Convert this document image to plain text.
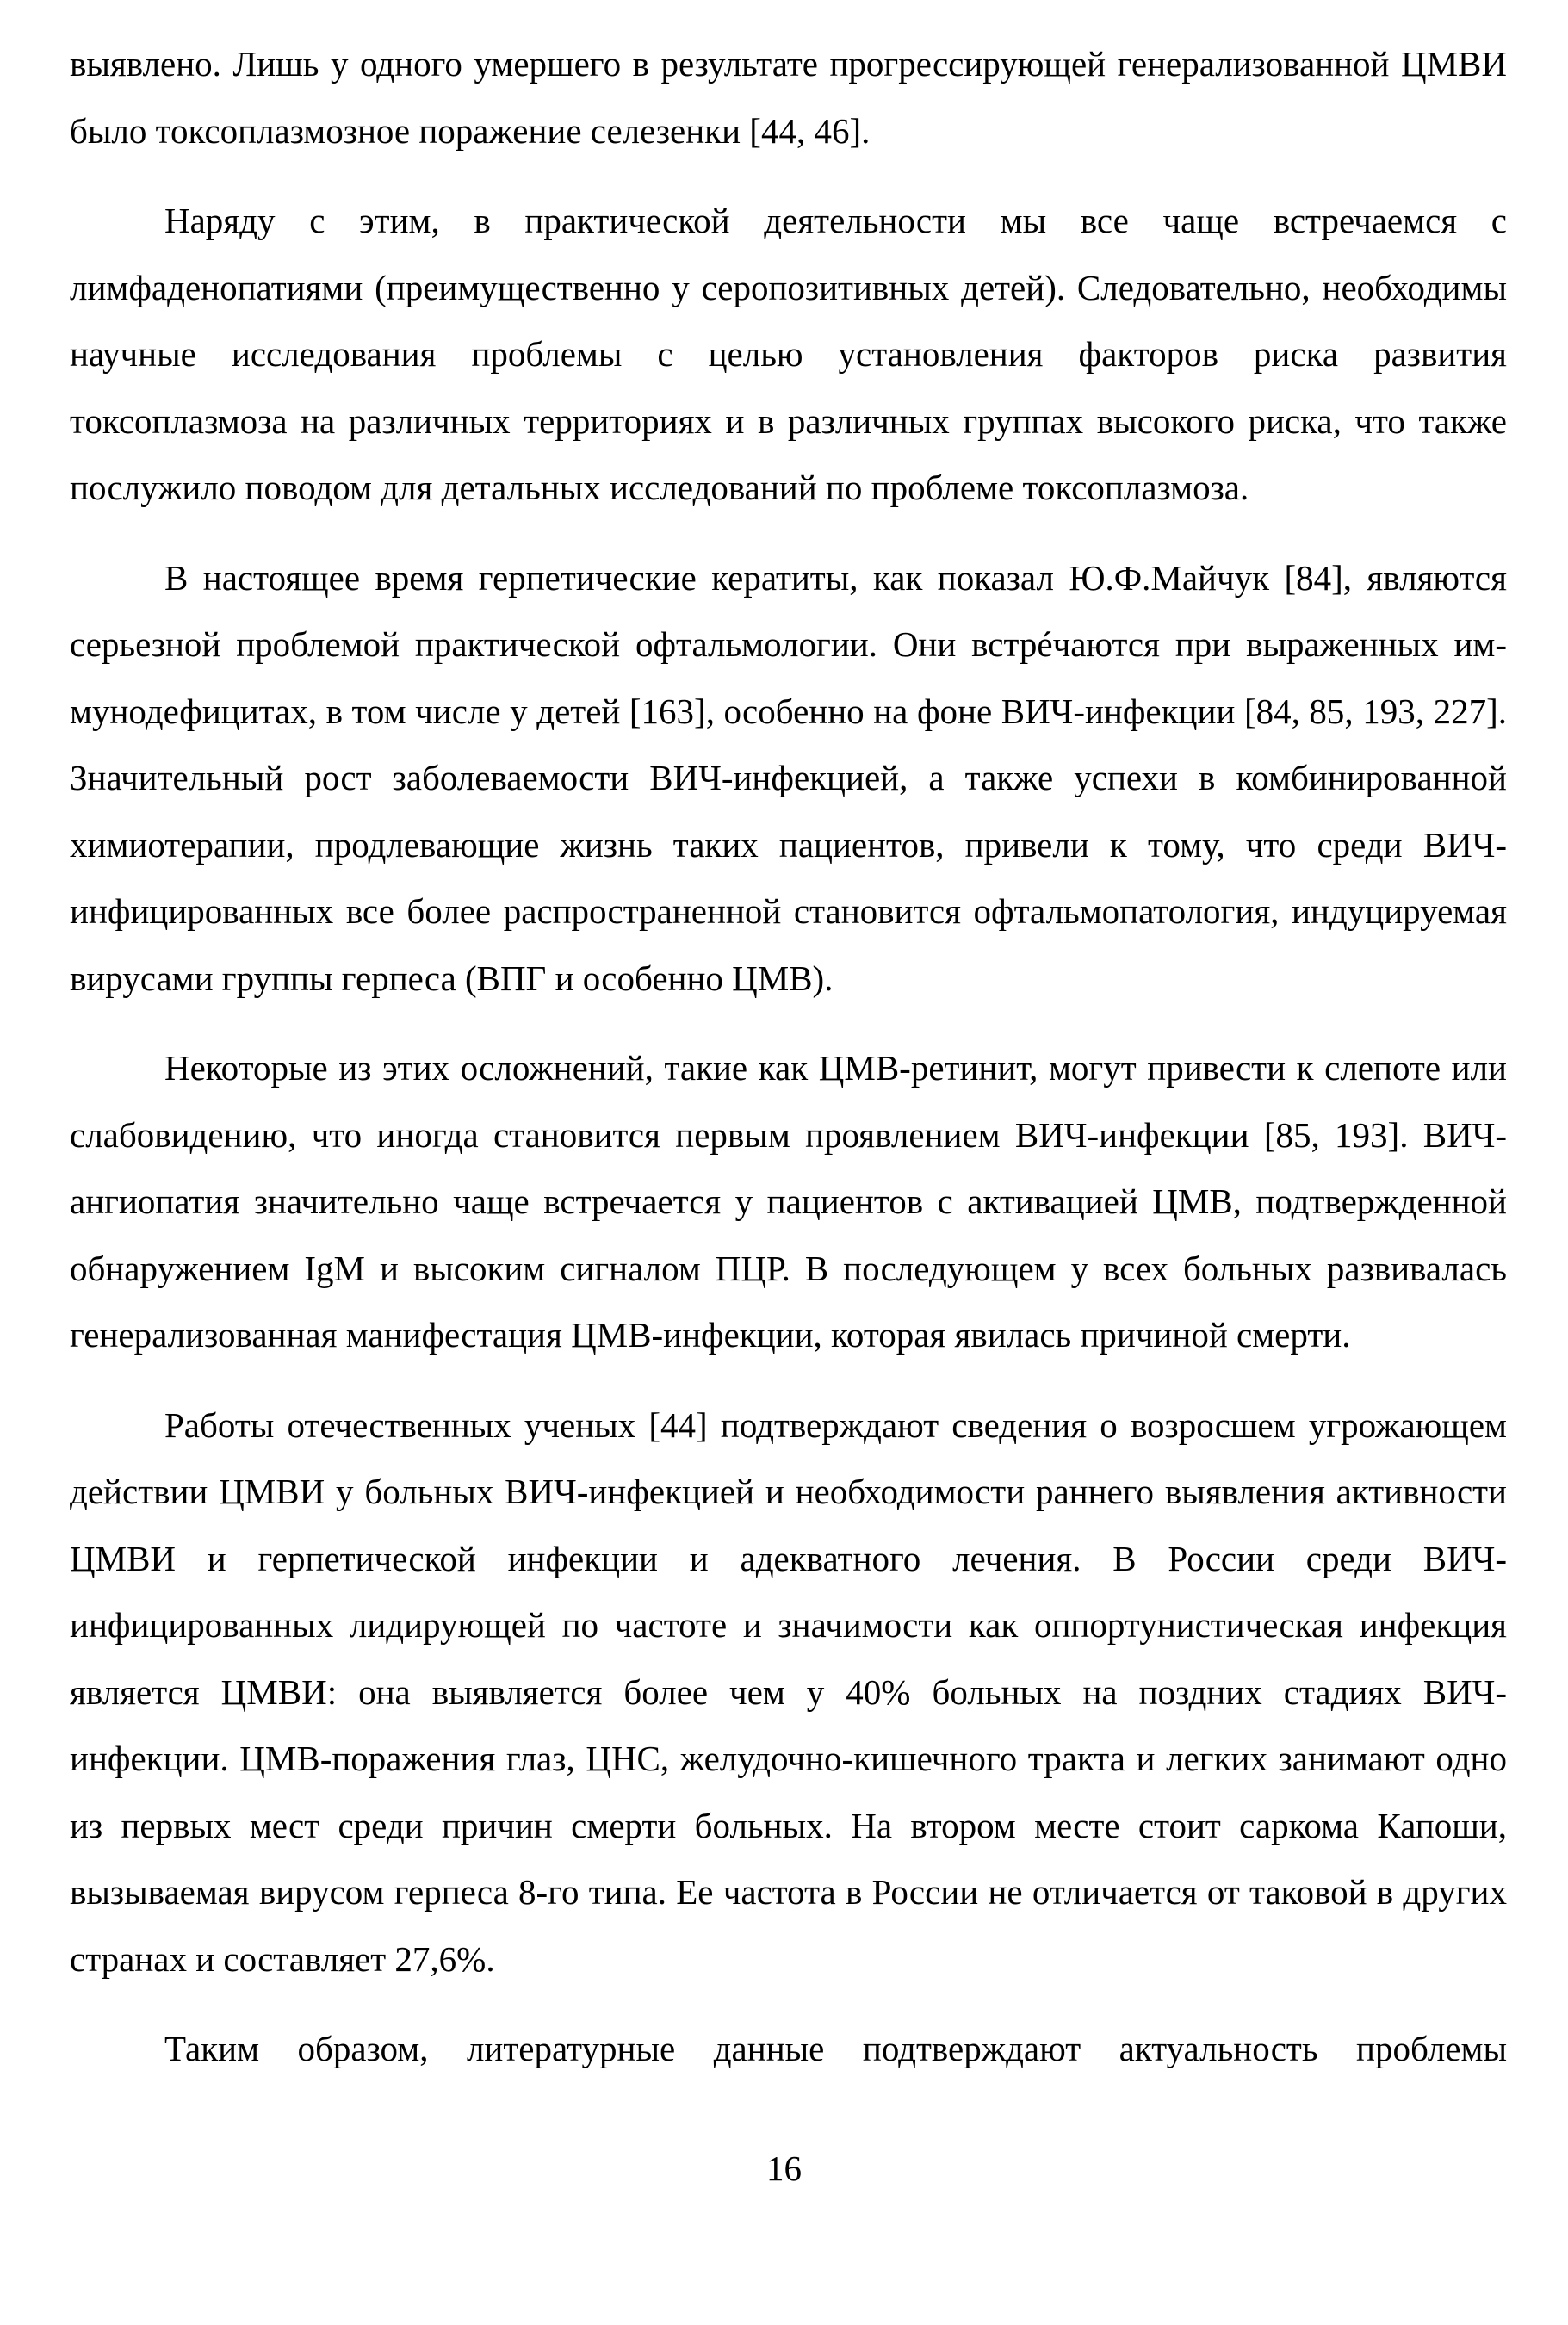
выявлено. Лишь у одного умершего в результате прогрессирующей генерализованной ЦМВИ было токсоплазмозное поражение селезенки [44, 46].

Наряду с этим, в практической деятельности мы все чаще встречаемся с лимфаденопатиями (преимущественно у серопозитивных детей). Следовательно, необходимы научные исследования проблемы с целью установления факторов риска развития токсоплазмоза на различных территориях и в различных группах высокого риска, что также послужило поводом для детальных исследований по проблеме токсоплазмоза.

В настоящее время герпетические кератиты, как показал Ю.Ф.Майчук [84], являются серьезной проблемой практической офтальмологии. Они встрéчаются при выраженных иммунодефицитах, в том числе у детей [163], особенно на фоне ВИЧ-инфекции [84, 85, 193, 227]. Значительный рост заболеваемости ВИЧ-инфекцией, а также успехи в комбинированной химиотерапии, продлевающие жизнь таких пациентов, привели к тому, что среди ВИЧ-инфицированных все более распространенной становится офтальмопатология, индуцируемая вирусами группы герпеса (ВПГ и особенно ЦМВ).

Некоторые из этих осложнений, такие как ЦМВ-ретинит, могут привести к слепоте или слабовидению, что иногда становится первым проявлением ВИЧ-инфекции [85, 193]. ВИЧ-ангиопатия значительно чаще встречается у пациентов с активацией ЦМВ, подтвержденной обнаружением IgM и высоким сигналом ПЦР. В последующем у всех больных развивалась генерализованная манифестация ЦМВ-инфекции, которая явилась причиной смерти.

Работы отечественных ученых [44] подтверждают сведения о возросшем угрожающем действии ЦМВИ у больных ВИЧ-инфекцией и необходимости раннего выявления активности ЦМВИ и герпетической инфекции и адекватного лечения. В России среди ВИЧ-инфицированных лидирующей по частоте и значимости как оппортунистическая инфекция является ЦМВИ: она выявляется более чем у 40% больных на поздних стадиях ВИЧ-инфекции. ЦМВ-поражения глаз, ЦНС, желудочно-кишечного тракта и легких занимают одно из первых мест среди причин смерти больных. На втором месте стоит саркома Капоши, вызываемая вирусом герпеса 8-го типа. Ее частота в России не отличается от таковой в других странах и составляет 27,6%.

Таким образом, литературные данные подтверждают актуальность проблемы

16
